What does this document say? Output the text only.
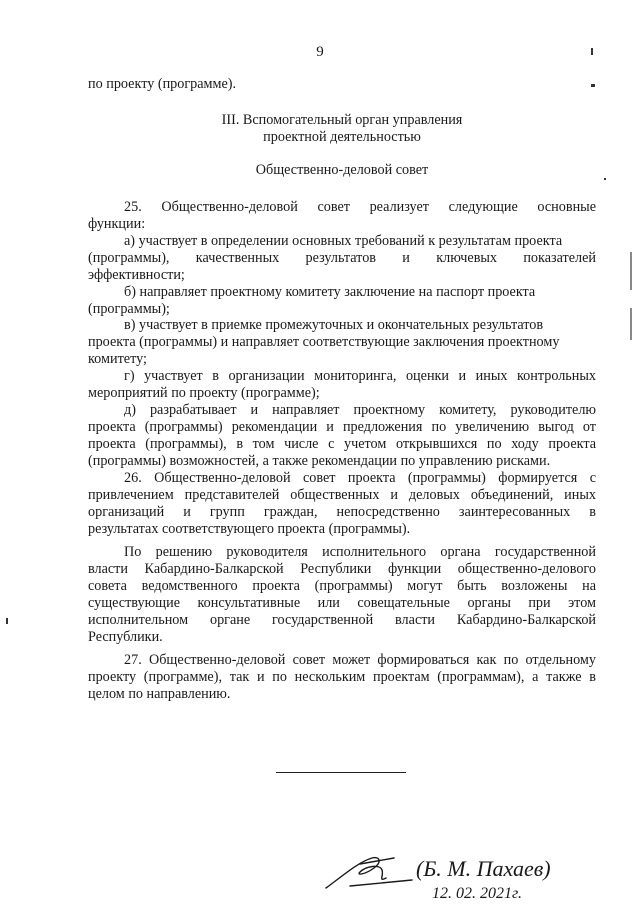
9
по проекту (программе).
III. Вспомогательный орган управления
проектной деятельностью
Общественно-деловой совет
25. Общественно-деловой совет реализует следующие основные
функции:
а) участвует в определении основных требований к результатам проекта
(программы), качественных результатов и ключевых показателей
эффективности;
б) направляет проектному комитету заключение на паспорт проекта
(программы);
в) участвует в приемке промежуточных и окончательных результатов
проекта (программы) и направляет соответствующие заключения проектному
комитету;
г) участвует в организации мониторинга, оценки и иных контрольных
мероприятий по проекту (программе);
д) разрабатывает и направляет проектному комитету, руководителю
проекта (программы) рекомендации и предложения по увеличению выгод от
проекта (программы), в том числе с учетом открывшихся по ходу проекта
(программы) возможностей, а также рекомендации по управлению рисками.
26. Общественно-деловой совет проекта (программы) формируется с
привлечением представителей общественных и деловых объединений, иных
организаций и групп граждан, непосредственно заинтересованных в
результатах соответствующего проекта (программы).
По решению руководителя исполнительного органа государственной
власти Кабардино-Балкарской Республики функции общественно-делового
совета ведомственного проекта (программы) могут быть возложены на
существующие консультативные или совещательные органы при этом
исполнительном органе государственной власти Кабардино-Балкарской
Республики.
27. Общественно-деловой совет может формироваться как по отдельному
проекту (программе), так и по нескольким проектам (программам), а также в
целом по направлению.
(Б. М. Пахаев)
12. 02. 2021г.
